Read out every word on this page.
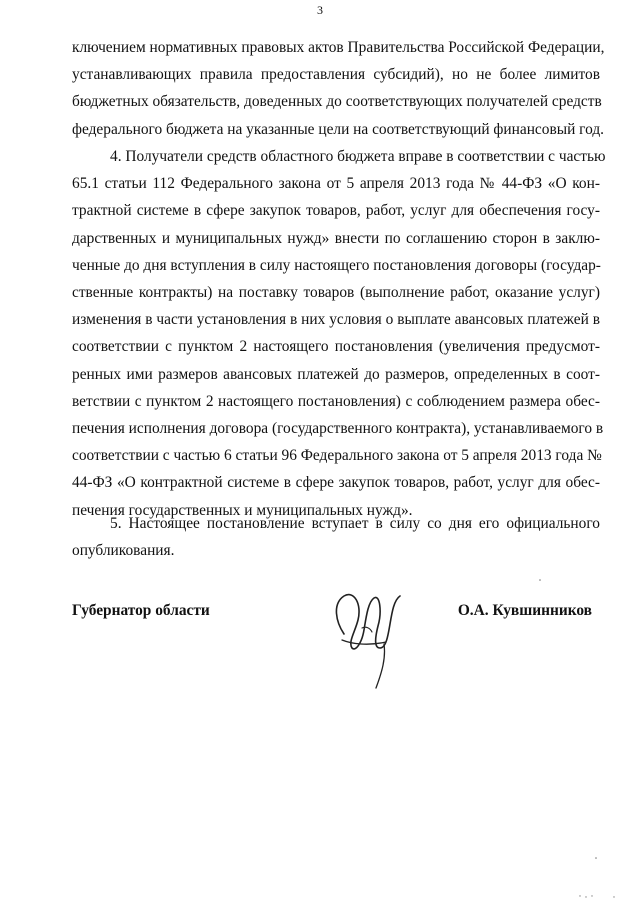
3
ключением нормативных правовых актов Правительства Российской Федерации,
устанавливающих правила предоставления субсидий), но не более лимитов
бюджетных обязательств, доведенных до соответствующих получателей средств
федерального бюджета на указанные цели на соответствующий финансовый год.
4. Получатели средств областного бюджета вправе в соответствии с частью
65.1 статьи 112 Федерального закона от 5 апреля 2013 года № 44-ФЗ «О кон-
трактной системе в сфере закупок товаров, работ, услуг для обеспечения госу-
дарственных и муниципальных нужд» внести по соглашению сторон в заклю-
ченные до дня вступления в силу настоящего постановления договоры (государ-
ственные контракты) на поставку товаров (выполнение работ, оказание услуг)
изменения в части установления в них условия о выплате авансовых платежей в
соответствии с пунктом 2 настоящего постановления (увеличения предусмот-
ренных ими размеров авансовых платежей до размеров, определенных в соот-
ветствии с пунктом 2 настоящего постановления) с соблюдением размера обес-
печения исполнения договора (государственного контракта), устанавливаемого в
соответствии с частью 6 статьи 96 Федерального закона от 5 апреля 2013 года №
44-ФЗ «О контрактной системе в сфере закупок товаров, работ, услуг для обес-
печения государственных и муниципальных нужд».
5. Настоящее постановление вступает в силу со дня его официального
опубликования.
Губернатор области	О.А. Кувшинников
